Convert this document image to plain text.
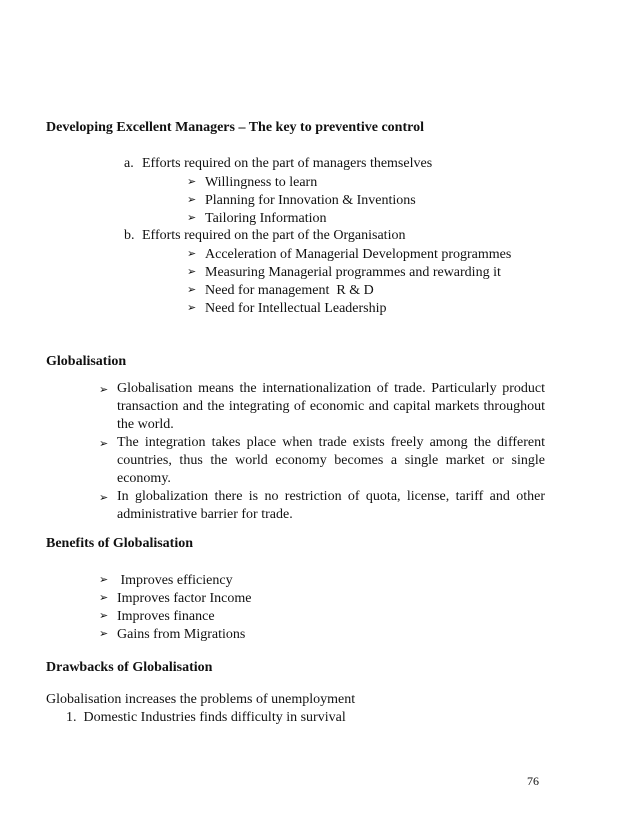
Developing Excellent Managers – The key to preventive control
a. Efforts required on the part of managers themselves
➢ Willingness to learn
➢ Planning for Innovation & Inventions
➢ Tailoring Information
b. Efforts required on the part of the Organisation
➢ Acceleration of Managerial Development programmes
➢ Measuring Managerial programmes and rewarding it
➢ Need for management  R & D
➢ Need for Intellectual Leadership
Globalisation
➢ Globalisation means the internationalization of trade. Particularly product transaction and the integrating of economic and capital markets throughout the world.
➢ The integration takes place when trade exists freely among the different countries, thus the world economy becomes a single market or single economy.
➢ In globalization there is no restriction of quota, license, tariff and other administrative barrier for trade.
Benefits of Globalisation
➢ Improves efficiency
➢ Improves factor Income
➢ Improves finance
➢ Gains from Migrations
Drawbacks of Globalisation
Globalisation increases the problems of unemployment
1. Domestic Industries finds difficulty in survival
76
